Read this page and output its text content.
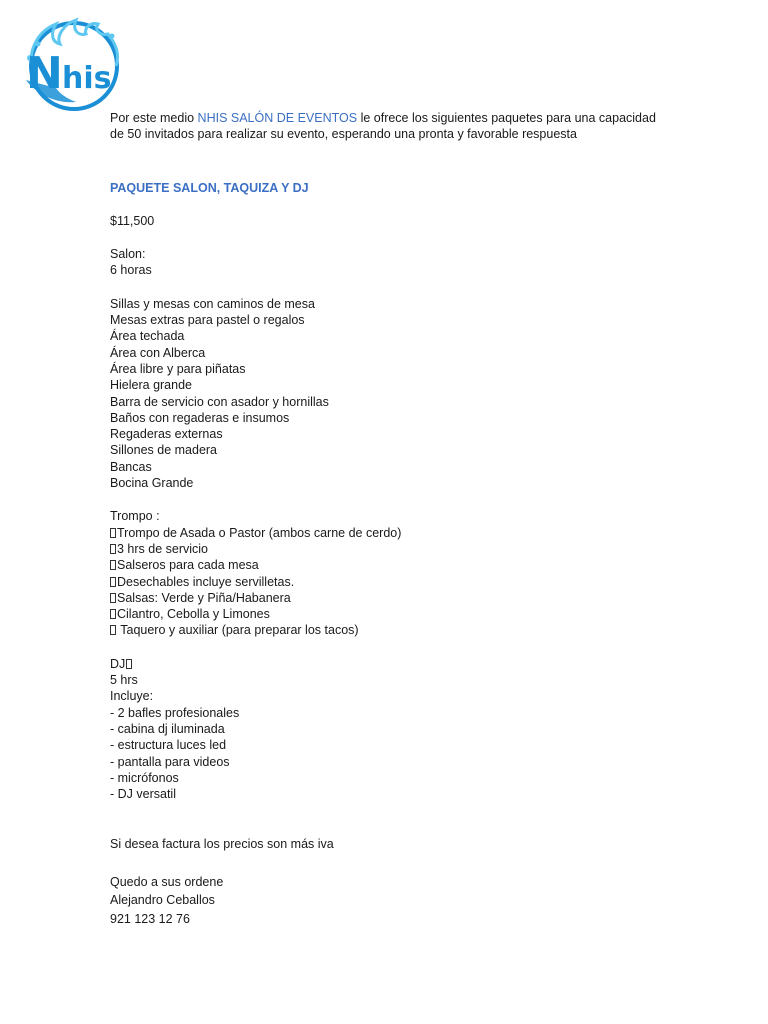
N his

Por este medio NHIS SALÓN DE EVENTOS le ofrece los siguientes paquetes para una capacidad
de 50 invitados para realizar su evento, esperando una pronta y favorable respuesta

PAQUETE SALON, TAQUIZA Y DJ

$11,500

Salon:
6 horas
Sillas y mesas con caminos de mesa
Mesas extras para pastel o regalos
Área techada
Área con Alberca
Área libre y para piñatas
Hielera grande
Barra de servicio con asador y hornillas
Baños con regaderas e insumos
Regaderas externas
Sillones de madera
Bancas
Bocina Grande
Trompo :
Trompo de Asada o Pastor (ambos carne de cerdo)
3 hrs de servicio
Salseros para cada mesa
Desechables incluye servilletas.
Salsas: Verde y Piña/Habanera
Cilantro, Cebolla y Limones
Taquero y auxiliar (para preparar los tacos)
DJ
5 hrs
Incluye:
- 2 bafles profesionales
- cabina dj iluminada
- estructura luces led
- pantalla para videos
- micrófonos
- DJ versatil

Si desea factura los precios son más iva

Quedo a sus ordene
Alejandro Ceballos
921 123 12 76
